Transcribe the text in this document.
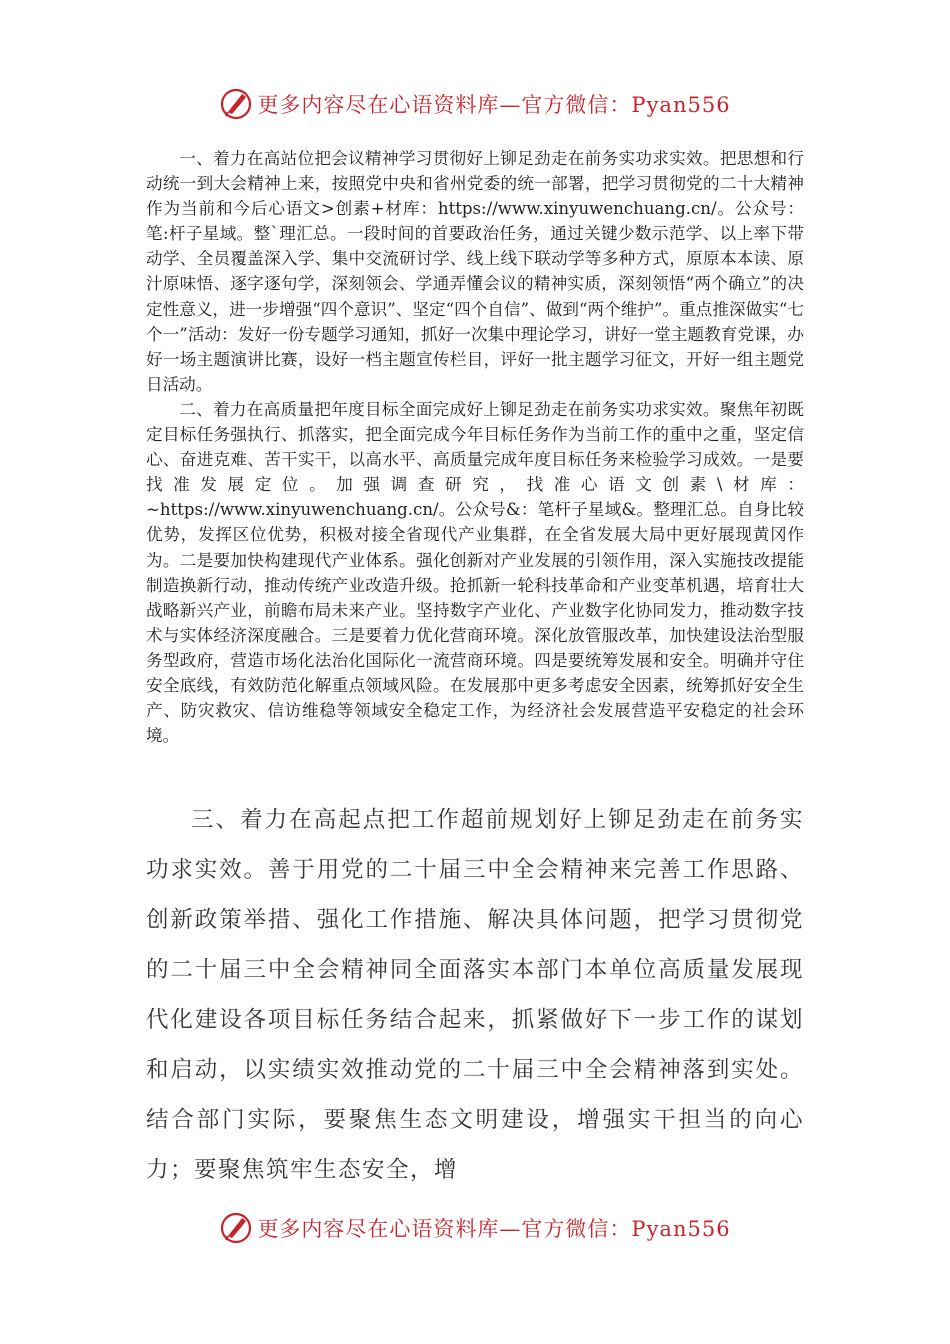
更多内容尽在心语资料库—官方微信：Pyan556

一、着力在高站位把会议精神学习贯彻好上铆足劲走在前务实功求实效。把思想和行动统一到大会精神上来，按照党中央和省州党委的统一部署，把学习贯彻党的二十大精神作为当前和今后心语文>创素+材库：https://www.xinyuwenchuang.cn/。公众号：笔:杆子星域。整`理汇总。一段时间的首要政治任务，通过关键少数示范学、以上率下带动学、全员覆盖深入学、集中交流研讨学、线上线下联动学等多种方式，原原本本读、原汁原味悟、逐字逐句学，深刻领会、学通弄懂会议的精神实质，深刻领悟“两个确立”的决定性意义，进一步增强“四个意识”、坚定“四个自信”、做到“两个维护”。重点推深做实“七个一”活动：发好一份专题学习通知，抓好一次集中理论学习，讲好一堂主题教育党课，办好一场主题演讲比赛，设好一档主题宣传栏目，评好一批主题学习征文，开好一组主题党日活动。

二、着力在高质量把年度目标全面完成好上铆足劲走在前务实功求实效。聚焦年初既定目标任务强执行、抓落实，把全面完成今年目标任务作为当前工作的重中之重，坚定信心、奋进克难、苦干实干，以高水平、高质量完成年度目标任务来检验学习成效。一是要找准发展定位。加强调查研究，找准心语文创素\材库：~https://www.xinyuwenchuang.cn/。公众号&：笔杆子星域&。整理汇总。自身比较优势，发挥区位优势，积极对接全省现代产业集群，在全省发展大局中更好展现黄冈作为。二是要加快构建现代产业体系。强化创新对产业发展的引领作用，深入实施技改提能制造换新行动，推动传统产业改造升级。抢抓新一轮科技革命和产业变革机遇，培育壮大战略新兴产业，前瞻布局未来产业。坚持数字产业化、产业数字化协同发力，推动数字技术与实体经济深度融合。三是要着力优化营商环境。深化放管服改革，加快建设法治型服务型政府，营造市场化法治化国际化一流营商环境。四是要统筹发展和安全。明确并守住安全底线，有效防范化解重点领域风险。在发展那中更多考虑安全因素，统筹抓好安全生产、防灾救灾、信访维稳等领域安全稳定工作，为经济社会发展营造平安稳定的社会环境。

三、着力在高起点把工作超前规划好上铆足劲走在前务实功求实效。善于用党的二十届三中全会精神来完善工作思路、创新政策举措、强化工作措施、解决具体问题，把学习贯彻党的二十届三中全会精神同全面落实本部门本单位高质量发展现代化建设各项目标任务结合起来，抓紧做好下一步工作的谋划和启动，以实绩实效推动党的二十届三中全会精神落到实处。结合部门实际，要聚焦生态文明建设，增强实干担当的向心力；要聚焦筑牢生态安全，增

更多内容尽在心语资料库—官方微信：Pyan556
